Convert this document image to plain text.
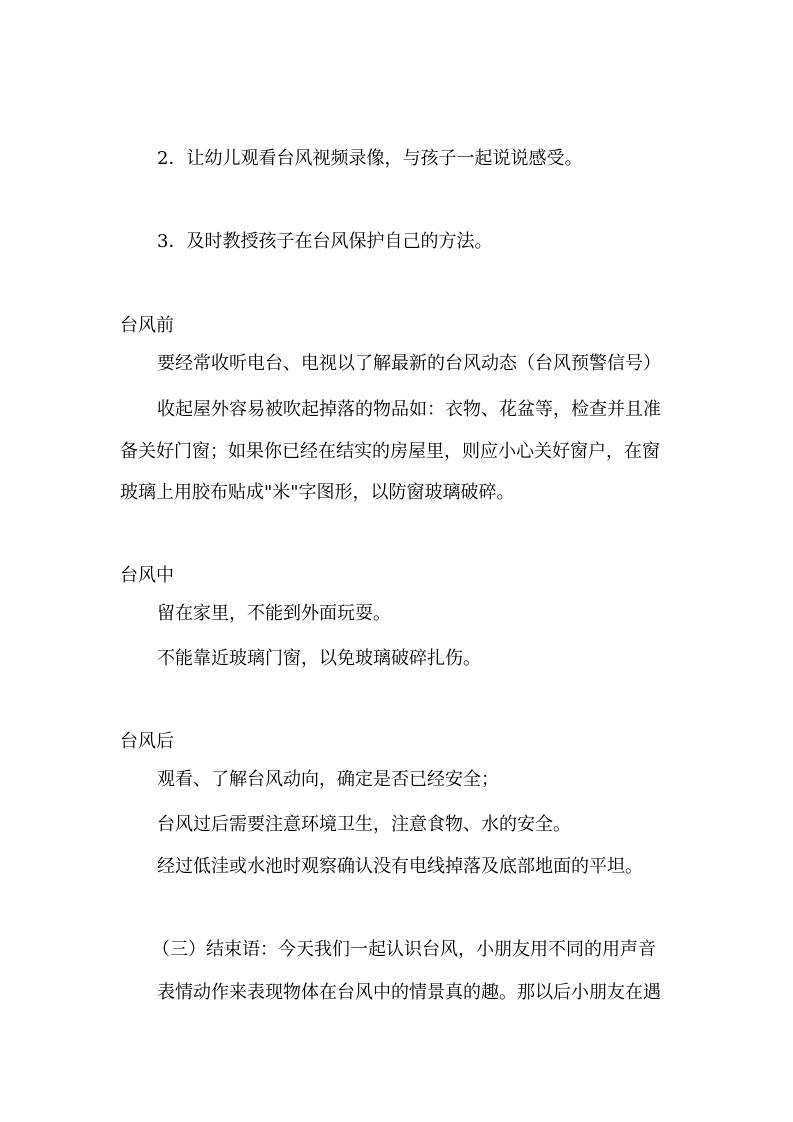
2．让幼儿观看台风视频录像，与孩子一起说说感受。

3．及时教授孩子在台风保护自己的方法。

台风前

要经常收听电台、电视以了解最新的台风动态（台风预警信号）

收起屋外容易被吹起掉落的物品如：衣物、花盆等，检查并且准

备关好门窗；如果你已经在结实的房屋里，则应小心关好窗户，在窗

玻璃上用胶布贴成"米"字图形，以防窗玻璃破碎。

台风中

留在家里，不能到外面玩耍。

不能靠近玻璃门窗，以免玻璃破碎扎伤。

台风后

观看、了解台风动向，确定是否已经安全；

台风过后需要注意环境卫生，注意食物、水的安全。

经过低洼或水池时观察确认没有电线掉落及底部地面的平坦。

（三）结束语：今天我们一起认识台风，小朋友用不同的用声音

表情动作来表现物体在台风中的情景真的趣。那以后小朋友在遇
